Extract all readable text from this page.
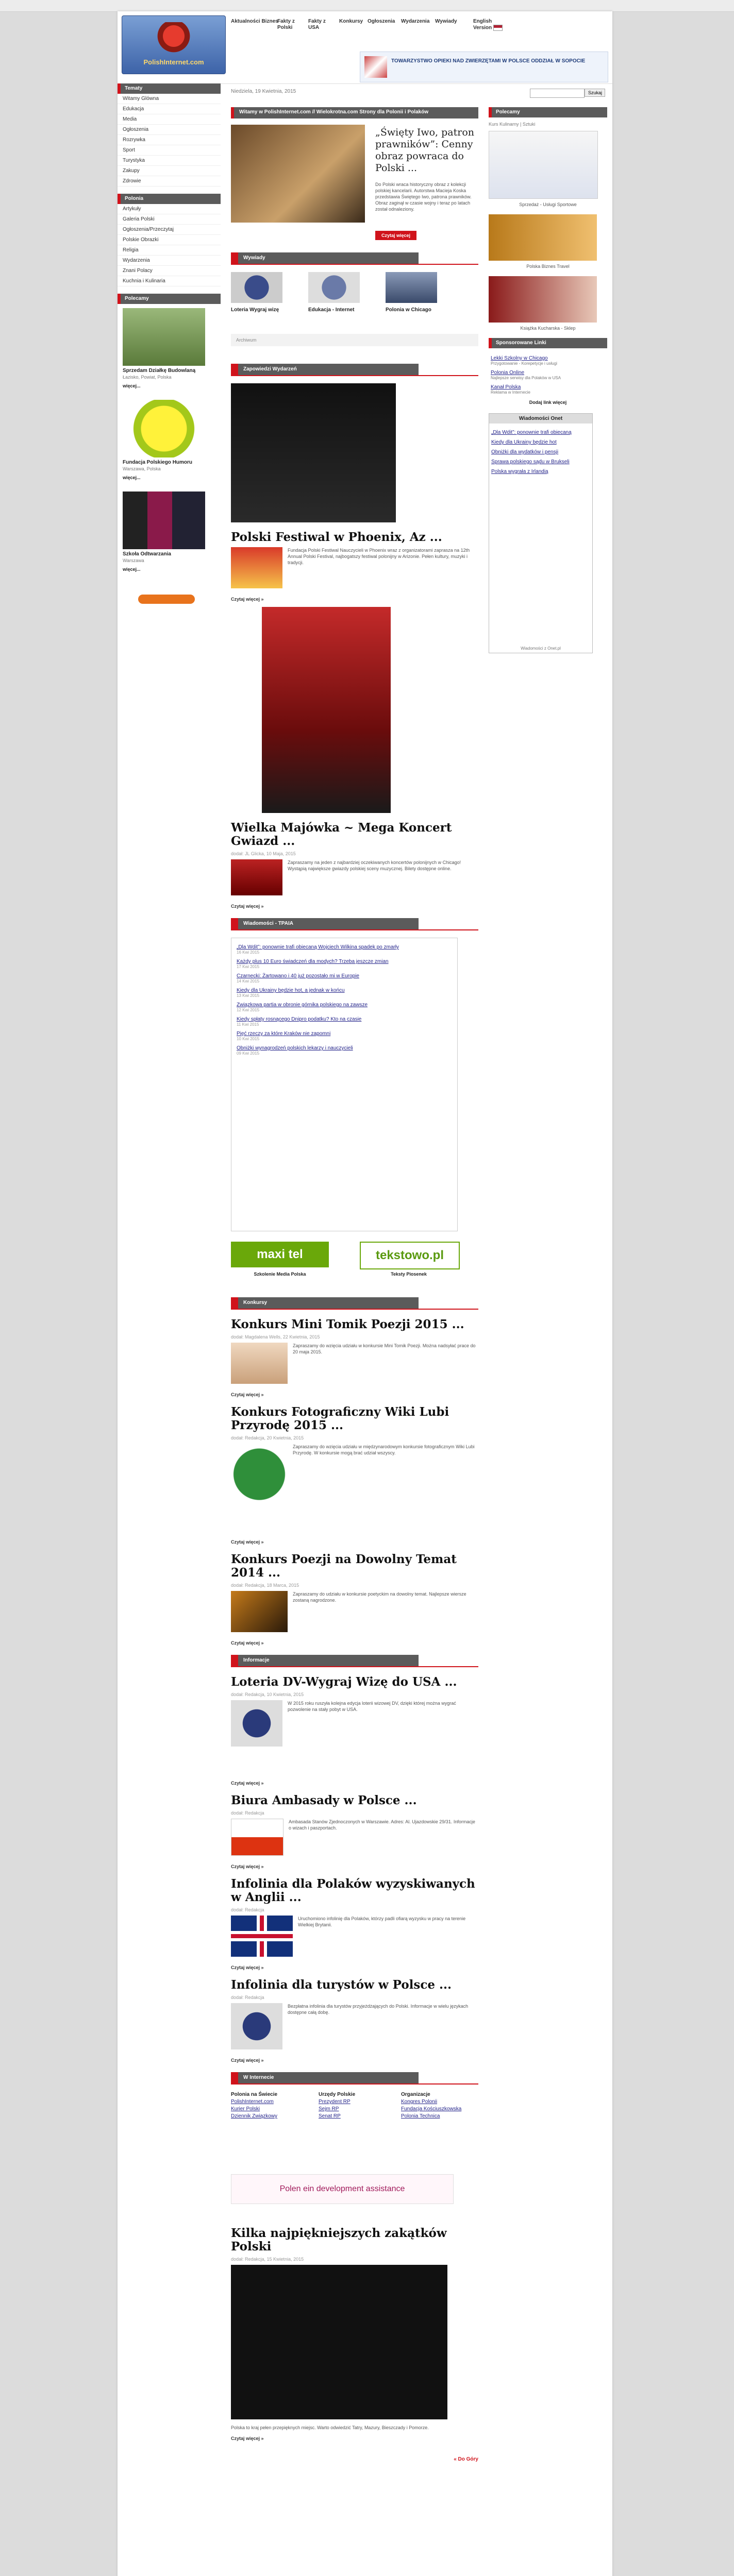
PolishInternet.com
Aktualności Biznes
Fakty z Polski
Fakty z USA
Konkursy Ogłoszenia Wydarzenia Wywiady	English Version
TOWARZYSTWO OPIEKI NAD ZWIERZĘTAMI W POLSCE ODDZIAŁ W SOPOCIE
Niedziela, 19 Kwietnia, 2015	Szukaj
Tematy
Witamy Glówna
Edukacja
Media
Ogłoszenia
Rozrywka
Sport
Turystyka
Zakupy
Zdrowie
Polonia
Artykuły
Galeria Polski
Ogłoszenia/Przeczytaj
Polskie Obrazki
Religia
Wydarzenia
Znani Polacy
Kuchnia i Kulinaria
Polecamy
Sprzedam Działkę Budowlaną
Łazisko, Powiat, Polska
więcej...
Fundacja Polskiego Humoru
Warszawa, Polska
więcej...
Szkoła Odtwarzania
Warszawa
więcej...
Witamy w PolishInternet.com // Wielokrotna.com Strony dla Polonii i Polaków
„Święty Iwo, patron prawników”: Cenny obraz powraca do Polski ...
Do Polski wraca historyczny obraz z kolekcji polskiej kancelarii. Autorstwa Macieja Koska przedstawia Świętego Iwo, patrona prawników. Obraz zaginął w czasie wojny i teraz po latach został odnaleziony.
Czytaj więcej
Wywiady
Loteria Wygraj wizę	Edukacja - Internet	Polonia w Chicago
Archiwum
Zapowiedzi Wydarzeń
Polski Festiwal w Phoenix, Az ...
Fundacja Polski Festiwal Nauczycieli w Phoenix wraz z organizatorami zaprasza na 12th Annual Polski Festival, najbogatszy festiwal polonijny w Arizonie. Pełen kultury, muzyki i tradycji.
Czytaj więcej »
Wielka Majówka ~ Mega Koncert Gwiazd ...
dodał: JL Glicka, 10 Maja, 2015
Zapraszamy na jeden z najbardziej oczekiwanych koncertów polonijnych w Chicago! Wystąpią największe gwiazdy polskiej sceny muzycznej. Bilety dostępne online.
Czytaj więcej »
Wiadomości - TPAIA
„Dla Wdit”: ponownie trafi obiecaną Wojciech Wilkina spadek po zmarły
16 Kwi 2015
Każdy plus 10 Euro świadczeń dla modych? Trzeba jeszcze zmian
17 Kwi 2015
Czarnecki: Żartowano i 40 już pozostało mi w Europie
14 Kwi 2015
Kiedy dla Ukrainy będzie hot, a jednak w końcu
13 Kwi 2015
Związkowa partia w obronie górnika polskiego na zawsze
12 Kwi 2015
Kiedy spłaty rosnącego Dnipro podatku? Kto na czasie
11 Kwi 2015
Pięć rzeczy za które Kraków nie zapomni
10 Kwi 2015
Obniżki wynagrodzeń polskich lekarzy i nauczycieli
09 Kwi 2015
maxi tel
Szkolenie Media Polska
tekstowo.pl
Teksty Piosenek
Konkursy
Konkurs Mini Tomik Poezji 2015 ...
dodał: Magdalena Wells, 22 Kwietnia, 2015
Zapraszamy do wzięcia udziału w konkursie Mini Tomik Poezji. Można nadsyłać prace do 20 maja 2015.
Czytaj więcej »
Konkurs Fotograficzny Wiki Lubi Przyrodę 2015 ...
dodał: Redakcja, 20 Kwietnia, 2015
Zapraszamy do wzięcia udziału w międzynarodowym konkursie fotograficznym Wiki Lubi Przyrodę. W konkursie mogą brać udział wszyscy.
Czytaj więcej »
Konkurs Poezji na Dowolny Temat 2014 ...
dodał: Redakcja, 18 Marca, 2015
Zapraszamy do udziału w konkursie poetyckim na dowolny temat. Najlepsze wiersze zostaną nagrodzone.
Czytaj więcej »
Informacje
Loteria DV-Wygraj Wizę do USA ...
dodał: Redakcja, 10 Kwietnia, 2015
W 2015 roku ruszyła kolejna edycja loterii wizowej DV, dzięki której można wygrać pozwolenie na stały pobyt w USA.
Czytaj więcej »
Biura Ambasady w Polsce ...
dodał: Redakcja
Ambasada Stanów Zjednoczonych w Warszawie. Adres: Al. Ujazdowskie 29/31. Informacje o wizach i paszportach.
Czytaj więcej »
Infolinia dla Polaków wyzyskiwanych w Anglii ...
dodał: Redakcja
Uruchomiono infolinię dla Polaków, którzy padli ofiarą wyzysku w pracy na terenie Wielkiej Brytanii.
Czytaj więcej »
Infolinia dla turystów w Polsce ...
dodał: Redakcja
Bezpłatna infolinia dla turystów przyjeżdżających do Polski. Informacje w wielu językach dostępne całą dobę.
Czytaj więcej »
W Internecie
Polonia na Świecie
PolishInternet.com
Kurier Polski
Dziennik Związkowy
Urzędy Polskie
Prezydent RP
Sejm RP
Senat RP
Organizacje
Kongres Polonii
Fundacja Kościuszkowska
Polonia Technica
Polen ein development assistance
Kilka najpiękniejszych zakątków Polski
dodał: Redakcja, 15 Kwietnia, 2015
Polska to kraj pełen przepięknych miejsc. Warto odwiedzić Tatry, Mazury, Bieszczady i Pomorze.
Czytaj więcej »
« Do Góry
Polecamy
Kurs Kulinarny | Sztuki
Sprzedaż - Usługi Sportowe
Polska Biznes Travel
Książka Kucharska - Sklep
Sponsorowane Linki
Lekki Szkolny w Chicago
Przygotowanie - Korepetycje i usługi
Polonia Online
Najlepsze serwisy dla Polaków w USA
Kanał Polska
Reklama w Internecie
Dodaj link więcej
Wiadomości Onet
„Dla Wdit”: ponownie trafi obiecaną
Kiedy dla Ukrainy będzie hot
Obniżki dla wydatków i pensji
Sprawa polskiego sądu w Brukseli
Polska wygrała z Irlandią
Wiadomości z Onet.pl
